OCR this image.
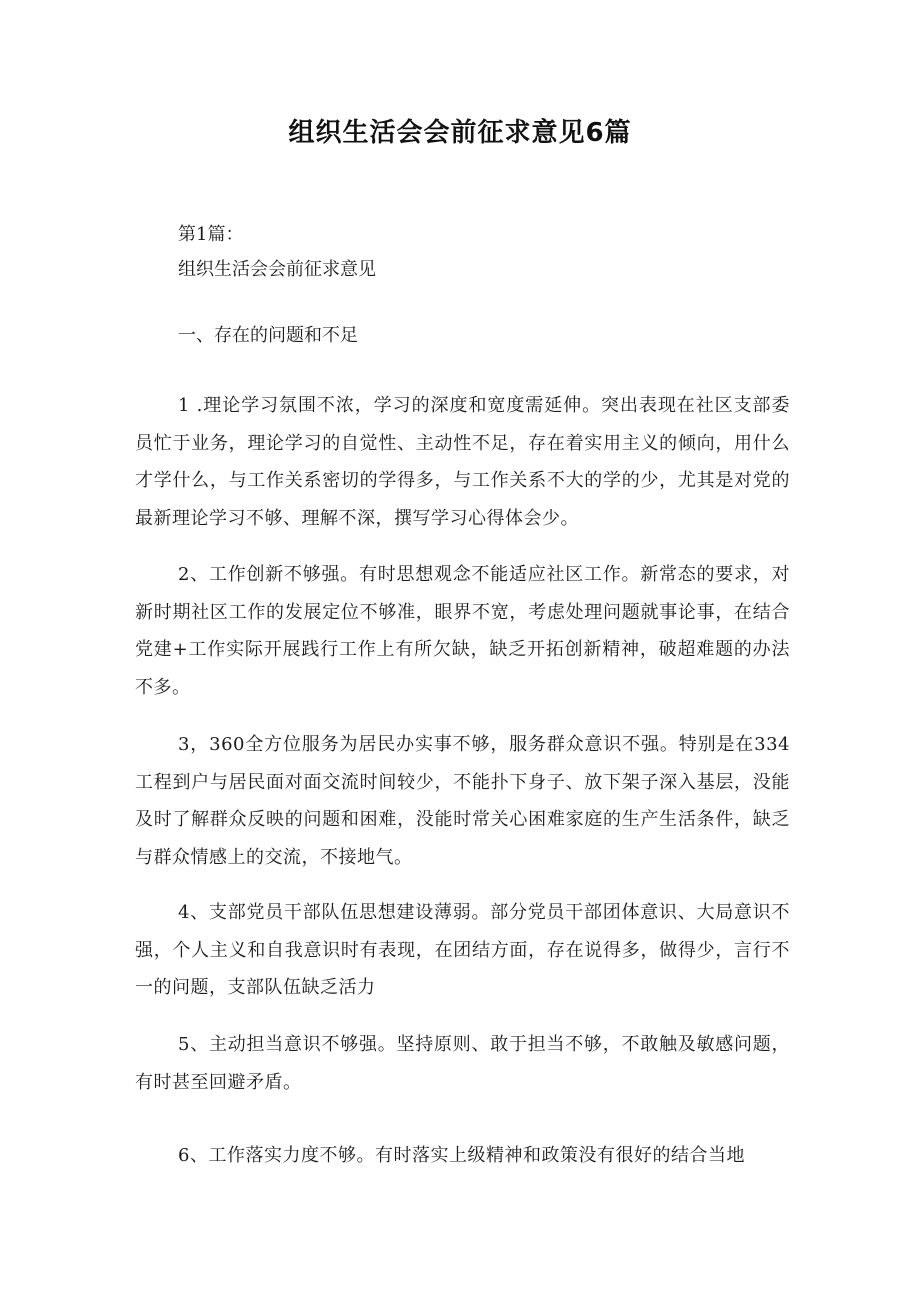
组织生活会会前征求意见6篇
第1篇：
组织生活会会前征求意见
一、存在的问题和不足
1 .理论学习氛围不浓，学习的深度和宽度需延伸。突出表现在社区支部委员忙于业务，理论学习的自觉性、主动性不足，存在着实用主义的倾向，用什么才学什么，与工作关系密切的学得多，与工作关系不大的学的少，尤其是对党的最新理论学习不够、理解不深，撰写学习心得体会少。
2、工作创新不够强。有时思想观念不能适应社区工作。新常态的要求，对新时期社区工作的发展定位不够准，眼界不宽，考虑处理问题就事论事，在结合党建+工作实际开展践行工作上有所欠缺，缺乏开拓创新精神，破超难题的办法不多。
3，360全方位服务为居民办实事不够，服务群众意识不强。特别是在334工程到户与居民面对面交流时间较少，不能扑下身子、放下架子深入基层，没能及时了解群众反映的问题和困难，没能时常关心困难家庭的生产生活条件，缺乏与群众情感上的交流，不接地气。
4、支部党员干部队伍思想建设薄弱。部分党员干部团体意识、大局意识不强，个人主义和自我意识时有表现，在团结方面，存在说得多，做得少，言行不一的问题，支部队伍缺乏活力
5、主动担当意识不够强。坚持原则、敢于担当不够，不敢触及敏感问题，有时甚至回避矛盾。
6、工作落实力度不够。有时落实上级精神和政策没有很好的结合当地
